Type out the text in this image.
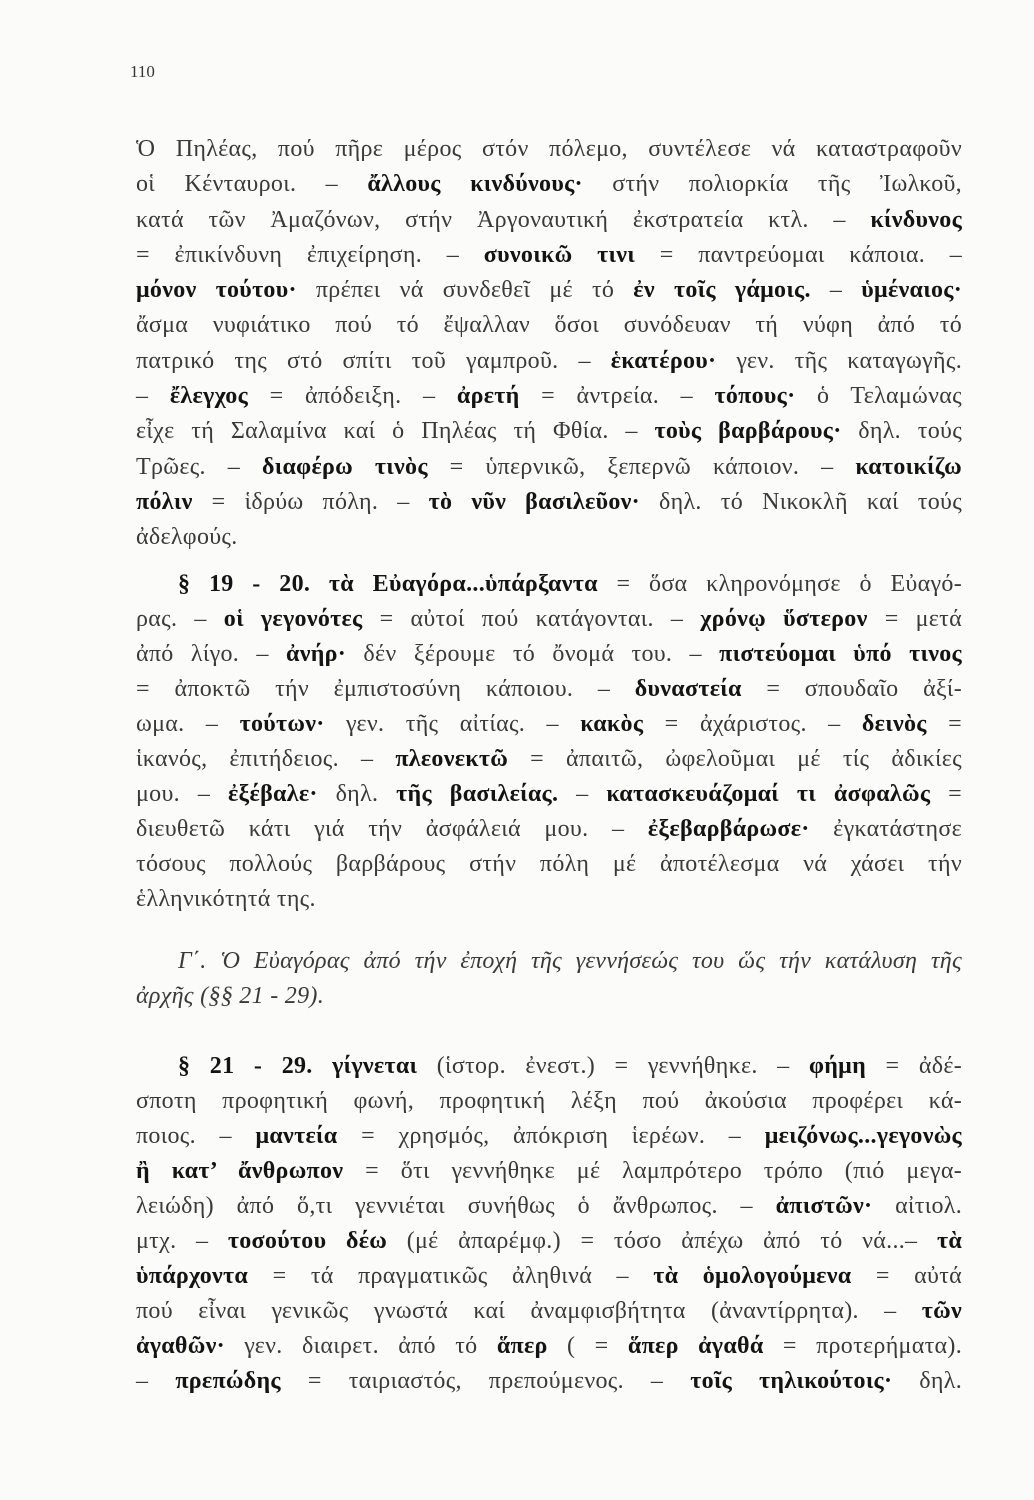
110
Ὁ Πηλέας, πού πῆρε μέρος στόν πόλεμο, συντέλεσε νά καταστραφοῦν
οἱ Κένταυροι. – ἄλλους κινδύνους· στήν πολιορκία τῆς Ἰωλκοῦ,
κατά τῶν Ἀμαζόνων, στήν Ἀργοναυτική ἐκστρατεία κτλ. – κίνδυνος
= ἐπικίνδυνη ἐπιχείρηση. – συνοικῶ τινι = παντρεύομαι κάποια. –
μόνον τούτου· πρέπει νά συνδεθεῖ μέ τό ἐν τοῖς γάμοις. – ὑμέναιος·
ἄσμα νυφιάτικο πού τό ἔψαλλαν ὅσοι συνόδευαν τή νύφη ἀπό τό
πατρικό της στό σπίτι τοῦ γαμπροῦ. – ἑκατέρου· γεν. τῆς καταγωγῆς.
– ἔλεγχος = ἀπόδειξη. – ἀρετή = ἀντρεία. – τόπους· ὁ Τελαμώνας
εἶχε τή Σαλαμίνα καί ὁ Πηλέας τή Φθία. – τοὺς βαρβάρους· δηλ. τούς
Τρῶες. – διαφέρω τινὸς = ὑπερνικῶ, ξεπερνῶ κάποιον. – κατοικίζω
πόλιν = ἱδρύω πόλη. – τὸ νῦν βασιλεῦον· δηλ. τό Νικοκλῆ καί τούς
ἀδελφούς.
§ 19 - 20. τὰ Εὐαγόρα...ὑπάρξαντα = ὅσα κληρονόμησε ὁ Εὐαγό-
ρας. – οἱ γεγονότες = αὐτοί πού κατάγονται. – χρόνῳ ὕστερον = μετά
ἀπό λίγο. – ἀνήρ· δέν ξέρουμε τό ὄνομά του. – πιστεύομαι ὑπό τινος
= ἀποκτῶ τήν ἐμπιστοσύνη κάποιου. – δυναστεία = σπουδαῖο ἀξί-
ωμα. – τούτων· γεν. τῆς αἰτίας. – κακὸς = ἀχάριστος. – δεινὸς =
ἱκανός, ἐπιτήδειος. – πλεονεκτῶ = ἀπαιτῶ, ὠφελοῦμαι μέ τίς ἀδικίες
μου. – ἐξέβαλε· δηλ. τῆς βασιλείας. – κατασκευάζομαί τι ἀσφαλῶς =
διευθετῶ κάτι γιά τήν ἀσφάλειά μου. – ἐξεβαρβάρωσε· ἐγκατάστησε
τόσους πολλούς βαρβάρους στήν πόλη μέ ἀποτέλεσμα νά χάσει τήν
ἑλληνικότητά της.
Γ΄. Ὁ Εὐαγόρας ἀπό τήν ἐποχή τῆς γεννήσεώς του ὥς τήν κατάλυση τῆς
ἀρχῆς (§§ 21 - 29).
§ 21 - 29. γίγνεται (ἱστορ. ἐνεστ.) = γεννήθηκε. – φήμη = ἀδέ-
σποτη προφητική φωνή, προφητική λέξη πού ἀκούσια προφέρει κά-
ποιος. – μαντεία = χρησμός, ἀπόκριση ἱερέων. – μειζόνως...γεγονὼς
ἢ κατ’ ἄνθρωπον = ὅτι γεννήθηκε μέ λαμπρότερο τρόπο (πιό μεγα-
λειώδη) ἀπό ὅ,τι γεννιέται συνήθως ὁ ἄνθρωπος. – ἀπιστῶν· αἰτιολ.
μτχ. – τοσούτου δέω (μέ ἀπαρέμφ.) = τόσο ἀπέχω ἀπό τό νά...– τὰ
ὑπάρχοντα = τά πραγματικῶς ἀληθινά – τὰ ὁμολογούμενα = αὐτά
πού εἶναι γενικῶς γνωστά καί ἀναμφισβήτητα (ἀναντίρρητα). – τῶν
ἀγαθῶν· γεν. διαιρετ. ἀπό τό ἅπερ ( = ἅπερ ἀγαθά = προτερήματα).
– πρεπώδης = ταιριαστός, πρεπούμενος. – τοῖς τηλικούτοις· δηλ.
